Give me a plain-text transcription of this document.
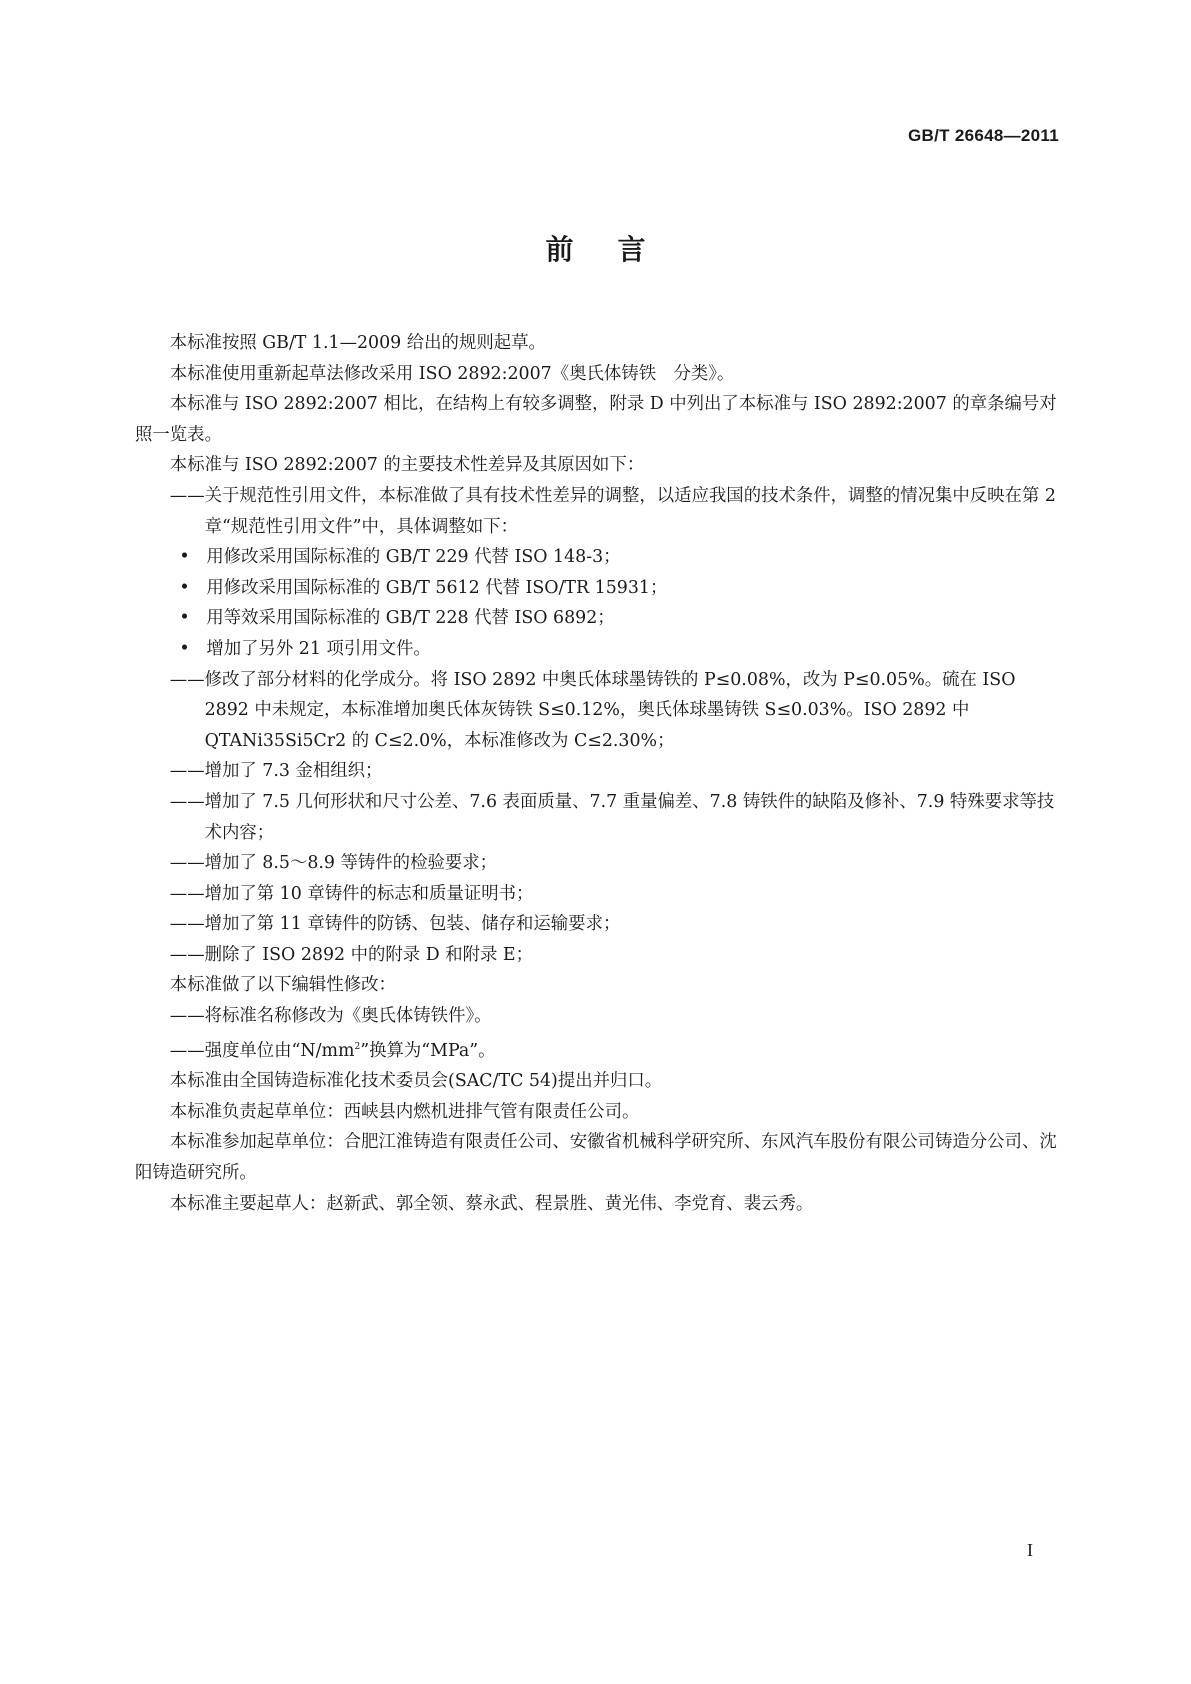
GB/T 26648—2011
前言

本标准按照 GB/T 1.1—2009 给出的规则起草。

本标准使用重新起草法修改采用 ISO 2892:2007《奥氏体铸铁　分类》。

本标准与 ISO 2892:2007 相比，在结构上有较多调整，附录 D 中列出了本标准与 ISO 2892:2007 的章条编号对照一览表。

本标准与 ISO 2892:2007 的主要技术性差异及其原因如下：

——关于规范性引用文件，本标准做了具有技术性差异的调整，以适应我国的技术条件，调整的情况集中反映在第 2 章“规范性引用文件”中，具体调整如下：

• 用修改采用国际标准的 GB/T 229 代替 ISO 148-3；
• 用修改采用国际标准的 GB/T 5612 代替 ISO/TR 15931；
• 用等效采用国际标准的 GB/T 228 代替 ISO 6892；
• 增加了另外 21 项引用文件。

——修改了部分材料的化学成分。将 ISO 2892 中奥氏体球墨铸铁的 P≤0.08%，改为 P≤0.05%。硫在 ISO 2892 中未规定，本标准增加奥氏体灰铸铁 S≤0.12%，奥氏体球墨铸铁 S≤0.03%。ISO 2892 中 QTANi35Si5Cr2 的 C≤2.0%，本标准修改为 C≤2.30%；

——增加了 7.3 金相组织；

——增加了 7.5 几何形状和尺寸公差、7.6 表面质量、7.7 重量偏差、7.8 铸铁件的缺陷及修补、7.9 特殊要求等技术内容；

——增加了 8.5～8.9 等铸件的检验要求；

——增加了第 10 章铸件的标志和质量证明书；

——增加了第 11 章铸件的防锈、包装、储存和运输要求；

——删除了 ISO 2892 中的附录 D 和附录 E；

本标准做了以下编辑性修改：

——将标准名称修改为《奥氏体铸铁件》。

——强度单位由“$N/mm^2$”换算为“MPa”。

本标准由全国铸造标准化技术委员会(SAC/TC 54)提出并归口。

本标准负责起草单位：西峡县内燃机进排气管有限责任公司。

本标准参加起草单位：合肥江淮铸造有限责任公司、安徽省机械科学研究所、东风汽车股份有限公司铸造分公司、沈阳铸造研究所。

本标准主要起草人：赵新武、郭全领、蔡永武、程景胜、黄光伟、李党育、裴云秀。

I
